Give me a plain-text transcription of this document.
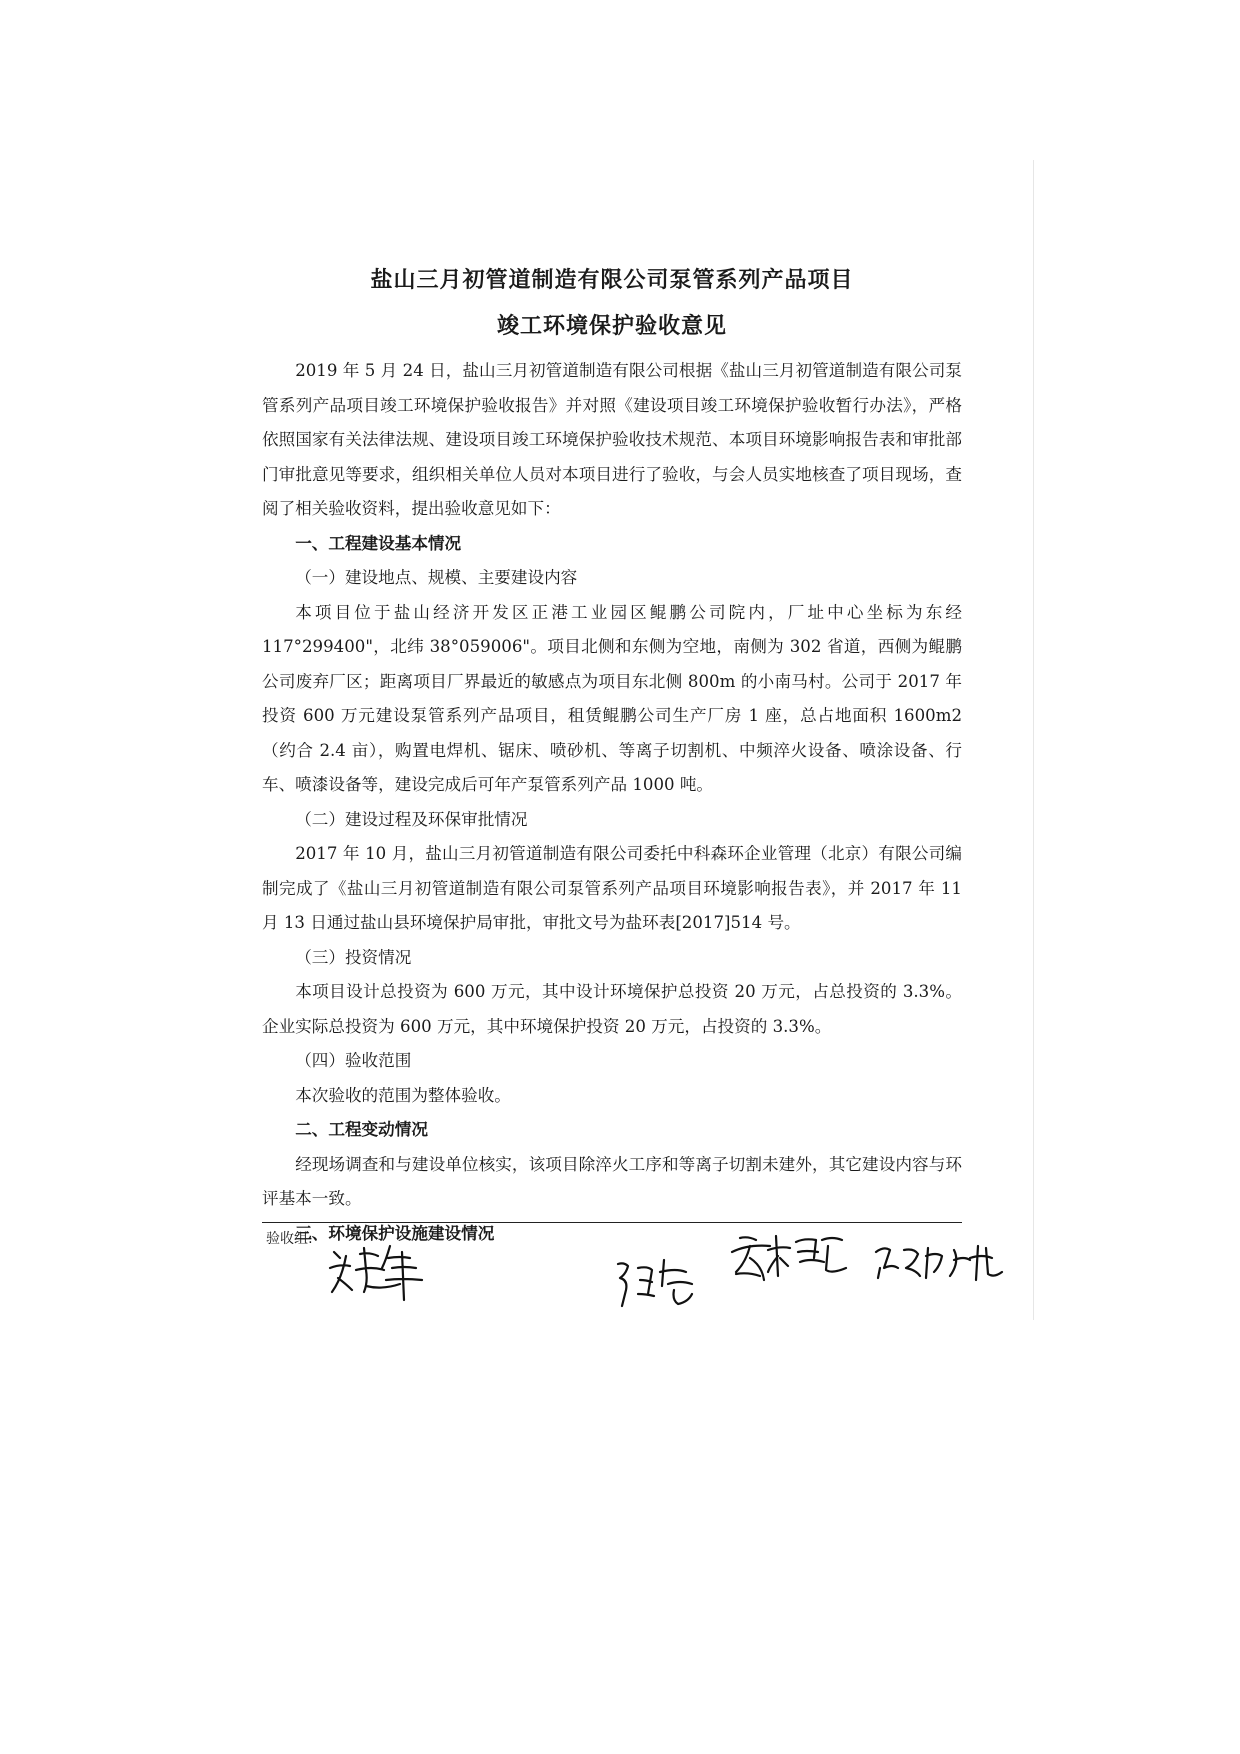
盐山三月初管道制造有限公司泵管系列产品项目

竣工环境保护验收意见

2019 年 5 月 24 日，盐山三月初管道制造有限公司根据《盐山三月初管道制造有限公司泵管系列产品项目竣工环境保护验收报告》并对照《建设项目竣工环境保护验收暂行办法》，严格依照国家有关法律法规、建设项目竣工环境保护验收技术规范、本项目环境影响报告表和审批部门审批意见等要求，组织相关单位人员对本项目进行了验收，与会人员实地核查了项目现场，查阅了相关验收资料，提出验收意见如下：

一、工程建设基本情况

（一）建设地点、规模、主要建设内容

本项目位于盐山经济开发区正港工业园区鲲鹏公司院内，厂址中心坐标为东经117°299400"，北纬 38°059006"。项目北侧和东侧为空地，南侧为 302 省道，西侧为鲲鹏公司废弃厂区；距离项目厂界最近的敏感点为项目东北侧 800m 的小南马村。公司于 2017 年投资 600 万元建设泵管系列产品项目，租赁鲲鹏公司生产厂房 1 座，总占地面积 1600m2（约合 2.4 亩），购置电焊机、锯床、喷砂机、等离子切割机、中频淬火设备、喷涂设备、行车、喷漆设备等，建设完成后可年产泵管系列产品 1000 吨。

（二）建设过程及环保审批情况

2017 年 10 月，盐山三月初管道制造有限公司委托中科森环企业管理（北京）有限公司编制完成了《盐山三月初管道制造有限公司泵管系列产品项目环境影响报告表》，并 2017 年 11 月 13 日通过盐山县环境保护局审批，审批文号为盐环表[2017]514 号。

（三）投资情况

本项目设计总投资为 600 万元，其中设计环境保护总投资 20 万元，占总投资的 3.3%。企业实际总投资为 600 万元，其中环境保护投资 20 万元，占投资的 3.3%。

（四）验收范围

本次验收的范围为整体验收。

二、工程变动情况

经现场调查和与建设单位核实，该项目除淬火工序和等离子切割未建外，其它建设内容与环评基本一致。

三、环境保护设施建设情况

验收组:
